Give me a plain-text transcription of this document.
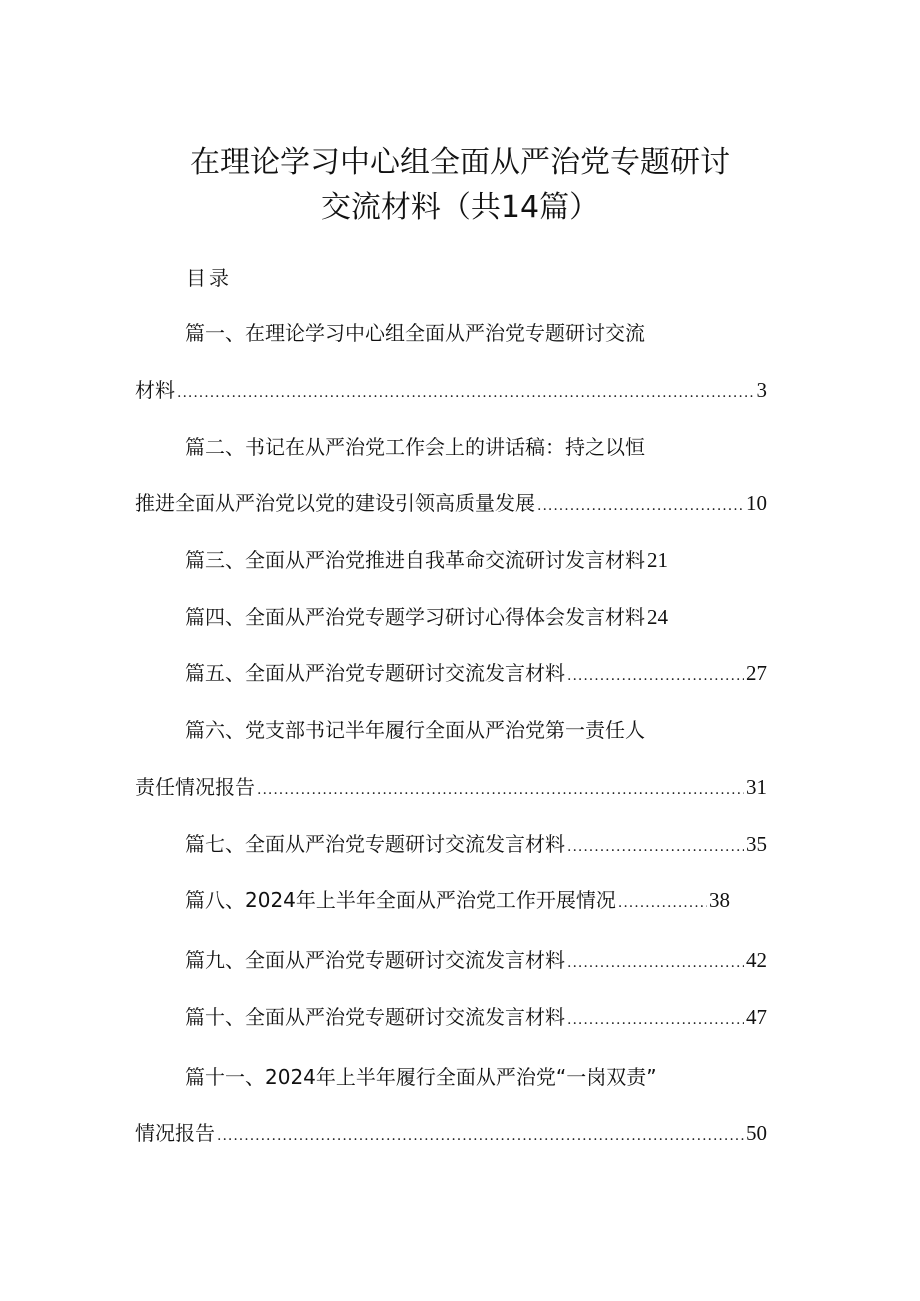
在理论学习中心组全面从严治党专题研讨
交流材料（共14篇）
目录
篇一、在理论学习中心组全面从严治党专题研讨交流
材料 .....	3
篇二、书记在从严治党工作会上的讲话稿：持之以恒
推进全面从严治党以党的建设引领高质量发展 .....	10
篇三、全面从严治党推进自我革命交流研讨发言材料 21
篇四、全面从严治党专题学习研讨心得体会发言材料 24
篇五、全面从严治党专题研讨交流发言材料 .....	27
篇六、党支部书记半年履行全面从严治党第一责任人
责任情况报告 .....	31
篇七、全面从严治党专题研讨交流发言材料 .....	35
篇八、2024年上半年全面从严治党工作开展情况 .....	38
篇九、全面从严治党专题研讨交流发言材料 .....	42
篇十、全面从严治党专题研讨交流发言材料 .....	47
篇十一、2024年上半年履行全面从严治党“一岗双责”
情况报告 .....	50
